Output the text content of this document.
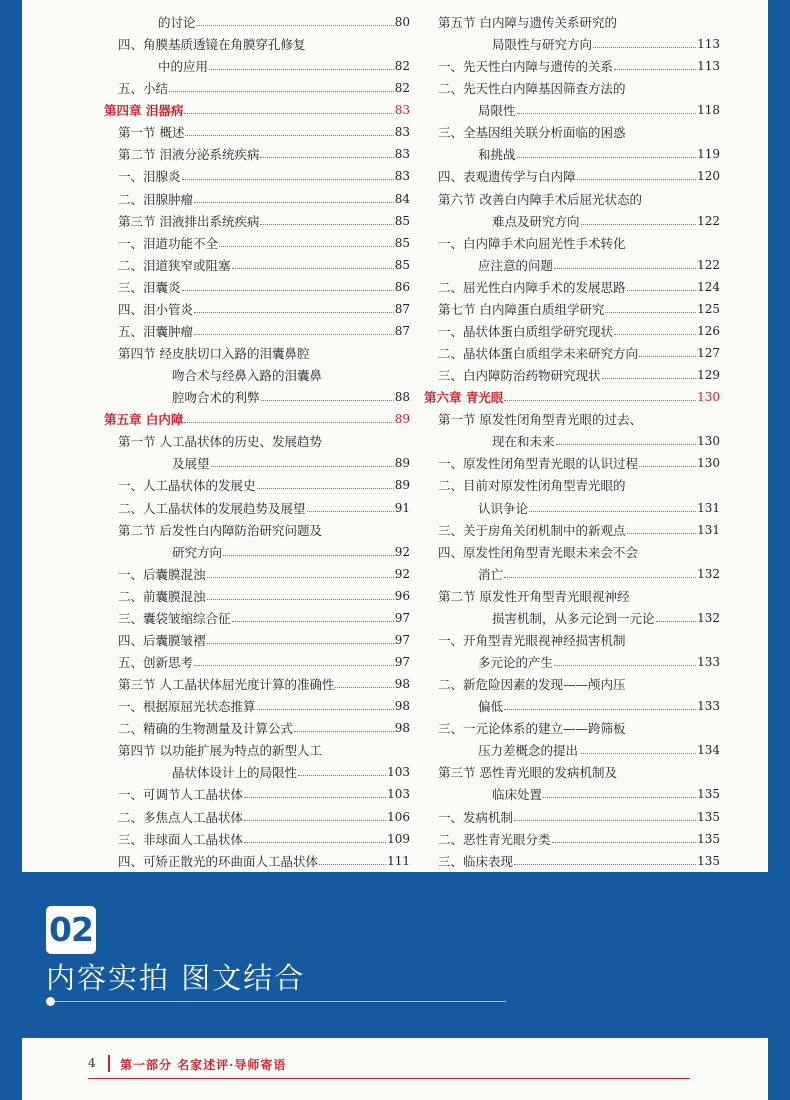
的讨论	80
四、角膜基质透镜在角膜穿孔修复
中的应用	82
五、小结	82
第四章 泪器病	83
第一节 概述	83
第二节 泪液分泌系统疾病	83
一、泪腺炎	83
二、泪腺肿瘤	84
第三节 泪液排出系统疾病	85
一、泪道功能不全	85
二、泪道狭窄或阻塞	85
三、泪囊炎	86
四、泪小管炎	87
五、泪囊肿瘤	87
第四节 经皮肤切口入路的泪囊鼻腔
吻合术与经鼻入路的泪囊鼻
腔吻合术的利弊	88
第五章 白内障	89
第一节 人工晶状体的历史、发展趋势
及展望	89
一、人工晶状体的发展史	89
二、人工晶状体的发展趋势及展望	91
第二节 后发性白内障防治研究问题及
研究方向	92
一、后囊膜混浊	92
二、前囊膜混浊	96
三、囊袋皱缩综合征	97
四、后囊膜皱褶	97
五、创新思考	97
第三节 人工晶状体屈光度计算的准确性	98
一、根据原屈光状态推算	98
二、精确的生物测量及计算公式	98
第四节 以功能扩展为特点的新型人工
晶状体设计上的局限性	103
一、可调节人工晶状体	103
二、多焦点人工晶状体	106
三、非球面人工晶状体	109
四、可矫正散光的环曲面人工晶状体	111
第五节 白内障与遗传关系研究的
局限性与研究方向	113
一、先天性白内障与遗传的关系	113
二、先天性白内障基因筛查方法的
局限性	118
三、全基因组关联分析面临的困惑
和挑战	119
四、表观遗传学与白内障	120
第六节 改善白内障手术后屈光状态的
难点及研究方向	122
一、白内障手术向屈光性手术转化
应注意的问题	122
二、屈光性白内障手术的发展思路	124
第七节 白内障蛋白质组学研究	125
一、晶状体蛋白质组学研究现状	126
二、晶状体蛋白质组学未来研究方向	127
三、白内障防治药物研究现状	129
第六章 青光眼	130
第一节 原发性闭角型青光眼的过去、
现在和未来	130
一、原发性闭角型青光眼的认识过程	130
二、目前对原发性闭角型青光眼的
认识争论	131
三、关于房角关闭机制中的新观点	131
四、原发性闭角型青光眼未来会不会
消亡	132
第二节 原发性开角型青光眼视神经
损害机制，从多元论到一元论	132
一、开角型青光眼视神经损害机制
多元论的产生	133
二、新危险因素的发现——颅内压
偏低	133
三、一元论体系的建立——跨筛板
压力差概念的提出	134
第三节 恶性青光眼的发病机制及
临床处置	135
一、发病机制	135
二、恶性青光眼分类	135
三、临床表现	135
02
内容实拍 图文结合
4 第一部分 名家述评·导师寄语
